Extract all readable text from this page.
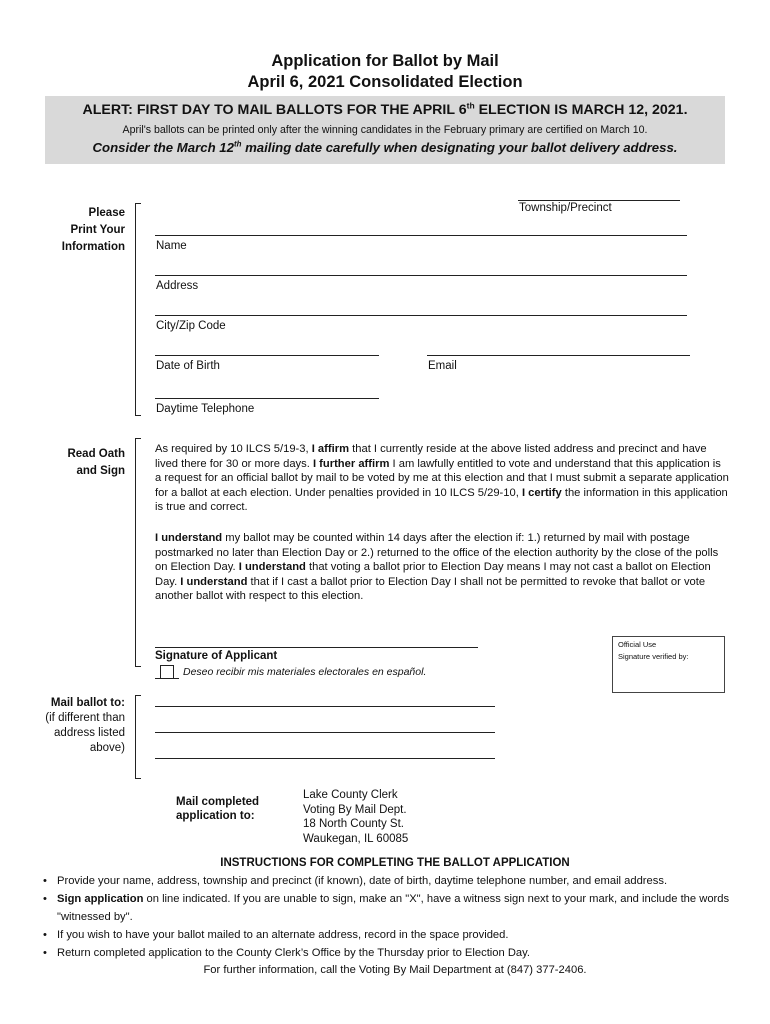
Application for Ballot by Mail
April 6, 2021 Consolidated Election
ALERT: FIRST DAY TO MAIL BALLOTS FOR THE APRIL 6th ELECTION IS MARCH 12, 2021.
April's ballots can be printed only after the winning candidates in the February primary are certified on March 10.
Consider the March 12th mailing date carefully when designating your ballot delivery address.
Please
Print Your
Information
Township/Precinct
Name
Address
City/Zip Code
Date of Birth	Email
Daytime Telephone
Read Oath
and Sign
As required by 10 ILCS 5/19-3, I affirm that I currently reside at the above listed address and precinct and have lived there for 30 or more days. I further affirm I am lawfully entitled to vote and understand that this application is a request for an official ballot by mail to be voted by me at this election and that I must submit a separate application for a ballot at each election. Under penalties provided in 10 ILCS 5/29-10, I certify the information in this application is true and correct.
I understand my ballot may be counted within 14 days after the election if: 1.) returned by mail with postage postmarked no later than Election Day or 2.) returned to the office of the election authority by the close of the polls on Election Day. I understand that voting a ballot prior to Election Day means I may not cast a ballot on Election Day. I understand that if I cast a ballot prior to Election Day I shall not be permitted to revoke that ballot or vote another ballot with respect to this election.
Signature of Applicant
Deseo recibir mis materiales electorales en español.
Official Use
Signature verified by:
Mail ballot to:
(if different than
address listed
above)
Mail completed
application to:
Lake County Clerk
Voting By Mail Dept.
18 North County St.
Waukegan, IL 60085
INSTRUCTIONS FOR COMPLETING THE BALLOT APPLICATION
• Provide your name, address, township and precinct (if known), date of birth, daytime telephone number, and email address.
• Sign application on line indicated. If you are unable to sign, make an "X", have a witness sign next to your mark, and include the words "witnessed by".
• If you wish to have your ballot mailed to an alternate address, record in the space provided.
• Return completed application to the County Clerk’s Office by the Thursday prior to Election Day.
For further information, call the Voting By Mail Department at (847) 377-2406.
